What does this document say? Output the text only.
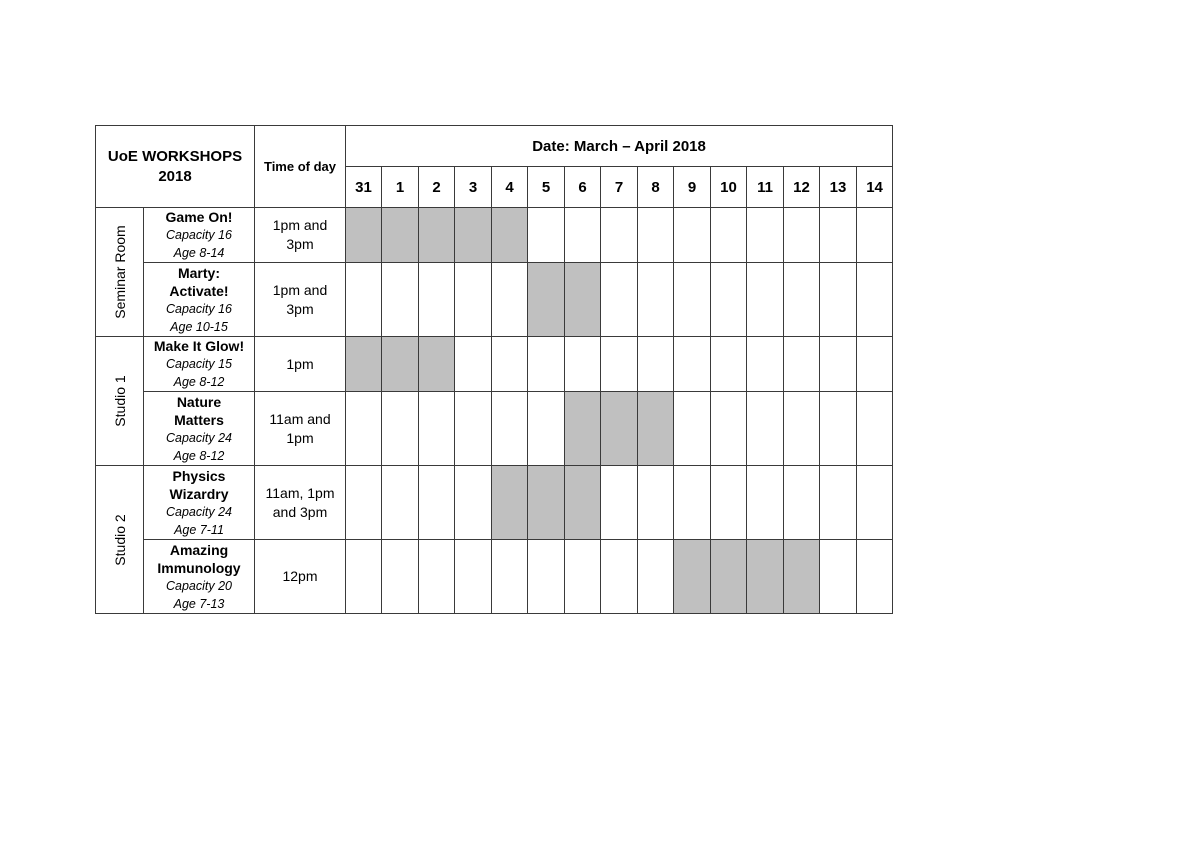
UoE WORKSHOPS
2018		Time of day	Date: March – April 2018														
			31	1	2	3	4	5	6	7	8	9	10	11	12	13	14

Seminar Room	Game On!
Capacity 16
Age 8-14	1pm and
3pm															

	Marty:
Activate!
Capacity 16
Age 10-15	1pm and
3pm															

Studio 1	Make It Glow!
Capacity 15
Age 8-12	1pm															

	Nature
Matters
Capacity 24
Age 8-12	11am and
1pm															

Studio 2	Physics
Wizardry
Capacity 24
Age 7-11	11am, 1pm
and 3pm															

	Amazing
Immunology
Capacity 20
Age 7-13	12pm															
